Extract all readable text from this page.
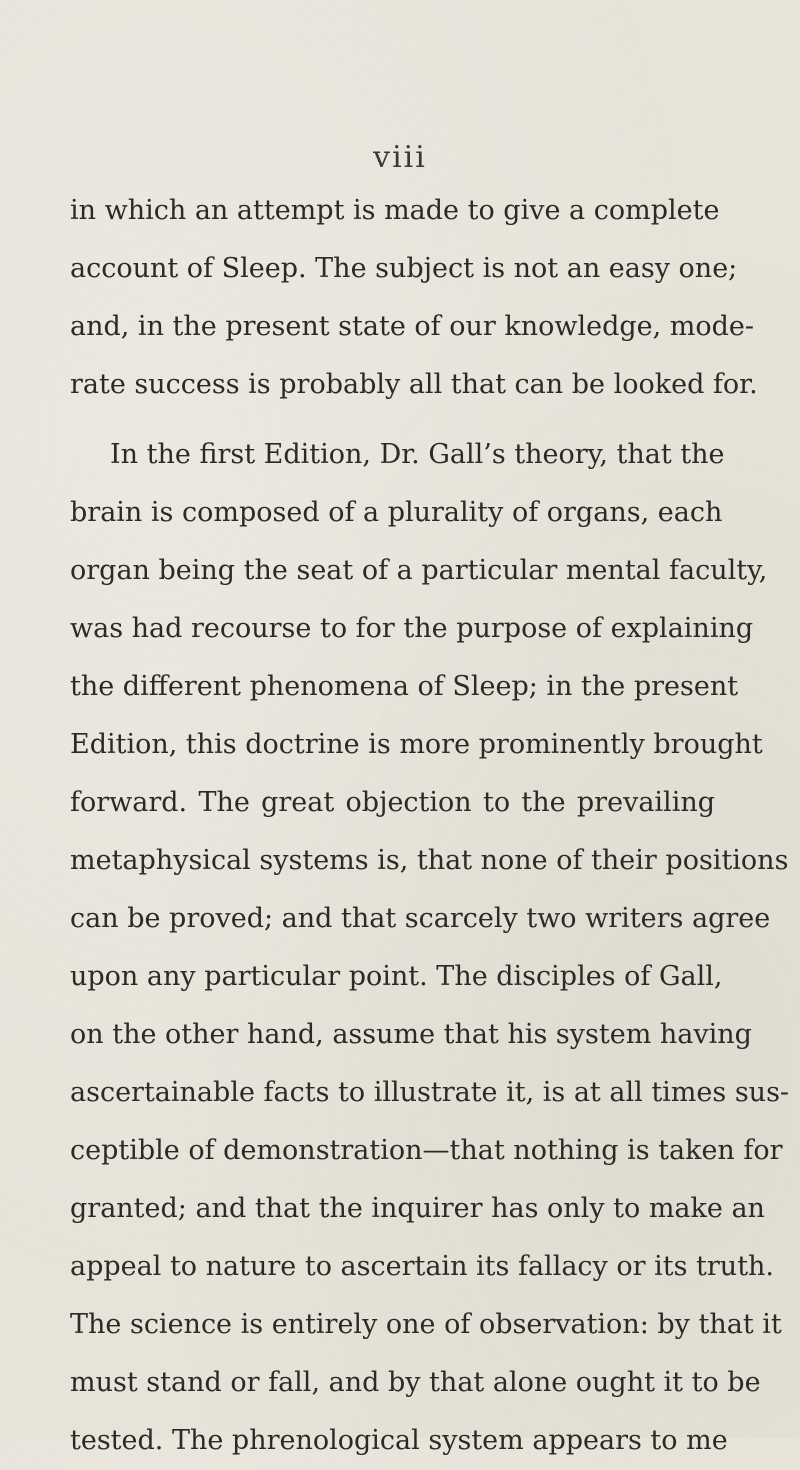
viii
in which an attempt is made to give a complete
account of Sleep. The subject is not an easy one;
and, in the present state of our knowledge, mode-
rate success is probably all that can be looked for.
In the first Edition, Dr. Gall’s theory, that the
brain is composed of a plurality of organs, each
organ being the seat of a particular mental faculty,
was had recourse to for the purpose of explaining
the different phenomena of Sleep; in the present
Edition, this doctrine is more prominently brought
forward. The great objection to the prevailing
metaphysical systems is, that none of their positions
can be proved; and that scarcely two writers agree
upon any particular point. The disciples of Gall,
on the other hand, assume that his system having
ascertainable facts to illustrate it, is at all times sus-
ceptible of demonstration—that nothing is taken for
granted; and that the inquirer has only to make an
appeal to nature to ascertain its fallacy or its truth.
The science is entirely one of observation: by that it
must stand or fall, and by that alone ought it to be
tested. The phrenological system appears to me
